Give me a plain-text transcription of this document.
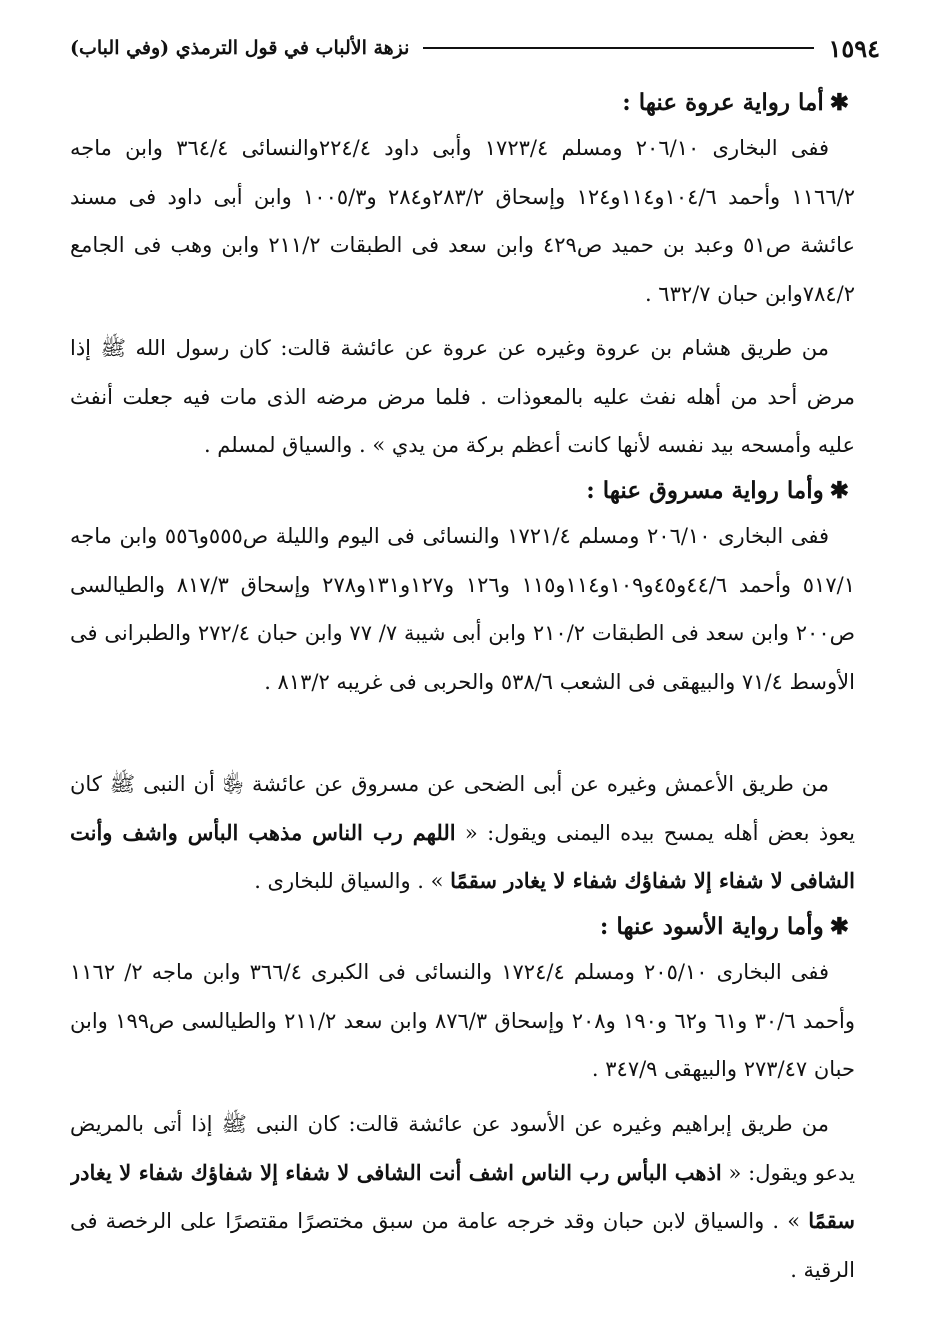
نزهة الألباب في قول الترمذي (وفي الباب)	١٥٩٤
✱أما رواية عروة عنها :

ففى البخارى ٢٠٦/١٠ ومسلم ١٧٢٣/٤ وأبى داود ٢٢٤/٤والنسائى ٣٦٤/٤ وابن ماجه ١١٦٦/٢ وأحمد ١٠٤/٦و١١٤و١٢٤ وإسحاق ٢٨٣/٢و٢٨٤ و١٠٠٥/٣ وابن أبى داود فى مسند عائشة ص٥١ وعبد بن حميد ص٤٢٩ وابن سعد فى الطبقات ٢١١/٢ وابن وهب فى الجامع ٧٨٤/٢وابن حبان ٦٣٢/٧ .

من طريق هشام بن عروة وغيره عن عروة عن عائشة قالت: كان رسول الله ﷺ إذا مرض أحد من أهله نفث عليه بالمعوذات . فلما مرض مرضه الذى مات فيه جعلت أنفث عليه وأمسحه بيد نفسه لأنها كانت أعظم بركة من يدي » . والسياق لمسلم .

✱وأما رواية مسروق عنها :

ففى البخارى ٢٠٦/١٠ ومسلم ١٧٢١/٤ والنسائى فى اليوم والليلة ص٥٥٥و٥٥٦ وابن ماجه ٥١٧/١ وأحمد ٤٤/٦و٤٥و١٠٩و١١٤و١١٥ و١٢٦ و١٢٧و١٣١و٢٧٨ وإسحاق ٨١٧/٣ والطيالسى ص٢٠٠ وابن سعد فى الطبقات ٢١٠/٢ وابن أبى شيبة ٧/ ٧٧ وابن حبان ٢٧٢/٤ والطبرانى فى الأوسط ٧١/٤ والبيهقى فى الشعب ٥٣٨/٦ والحربى فى غريبه ٨١٣/٢ .

من طريق الأعمش وغيره عن أبى الضحى عن مسروق عن عائشة ﵂ أن النبى ﷺ كان يعوذ بعض أهله يمسح بيده اليمنى ويقول: « اللهم رب الناس مذهب البأس واشف وأنت الشافى لا شفاء إلا شفاؤك شفاء لا يغادر سقمًا » . والسياق للبخارى .

✱وأما رواية الأسود عنها :

ففى البخارى ٢٠٥/١٠ ومسلم ١٧٢٤/٤ والنسائى فى الكبرى ٣٦٦/٤ وابن ماجه ٢/ ١١٦٢ وأحمد ٣٠/٦ و٦١ و٦٢ و١٩٠ و٢٠٨ وإسحاق ٨٧٦/٣ وابن سعد ٢١١/٢ والطيالسى ص١٩٩ وابن حبان ٢٧٣/٤٧ والبيهقى ٣٤٧/٩ .

من طريق إبراهيم وغيره عن الأسود عن عائشة قالت: كان النبى ﷺ إذا أتى بالمريض يدعو ويقول: « اذهب البأس رب الناس اشف أنت الشافى لا شفاء إلا شفاؤك شفاء لا يغادر سقمًا » . والسياق لابن حبان وقد خرجه عامة من سبق مختصرًا مقتصرًا على الرخصة فى الرقية .
